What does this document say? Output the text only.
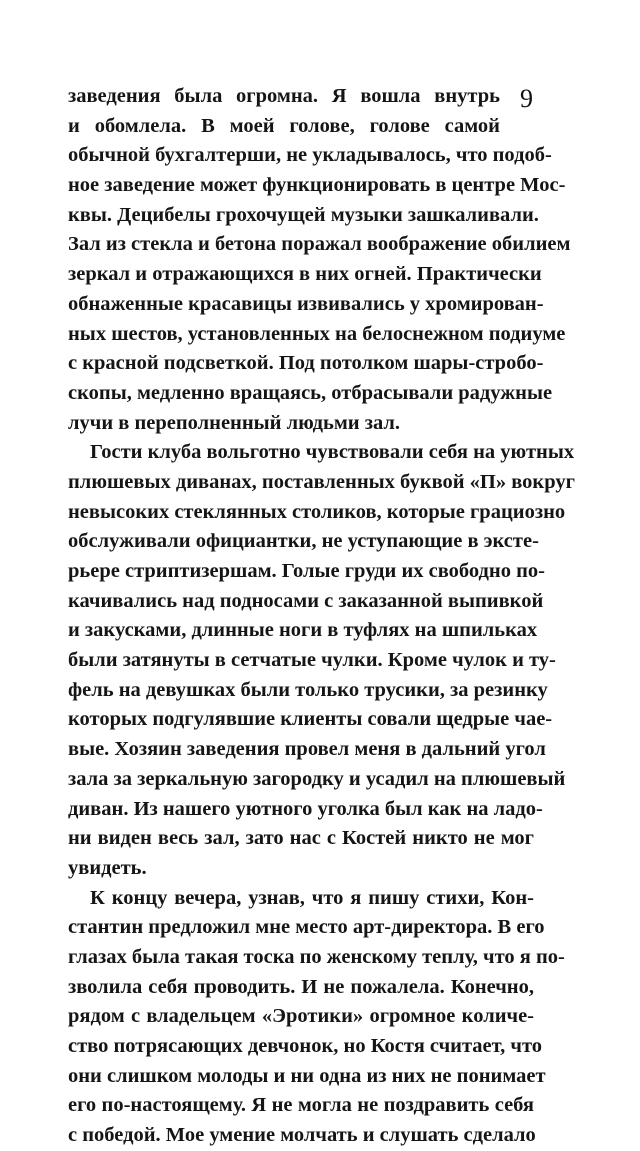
9
заведения была огромна. Я вошла внутрь
и обомлела. В моей голове, голове самой
обычной бухгалтерши, не укладывалось, что подоб-
ное заведение может функционировать в центре Мос-
квы. Децибелы грохочущей музыки зашкаливали.
Зал из стекла и бетона поражал воображение обилием
зеркал и отражающихся в них огней. Практически
обнаженные красавицы извивались у хромирован-
ных шестов, установленных на белоснежном подиуме
с красной подсветкой. Под потолком шары-стробо-
скопы, медленно вращаясь, отбрасывали радужные
лучи в переполненный людьми зал.
Гости клуба вольготно чувствовали себя на уютных
плюшевых диванах, поставленных буквой «П» вокруг
невысоких стеклянных столиков, которые грациозно
обслуживали официантки, не уступающие в эксте-
рьере стриптизершам. Голые груди их свободно по-
качивались над подносами с заказанной выпивкой
и закусками, длинные ноги в туфлях на шпильках
были затянуты в сетчатые чулки. Кроме чулок и ту-
фель на девушках были только трусики, за резинку
которых подгулявшие клиенты совали щедрые чае-
вые. Хозяин заведения провел меня в дальний угол
зала за зеркальную загородку и усадил на плюшевый
диван. Из нашего уютного уголка был как на ладо-
ни виден весь зал, зато нас с Костей никто не мог
увидеть.
К концу вечера, узнав, что я пишу стихи, Кон-
стантин предложил мне место арт-директора. В его
глазах была такая тоска по женскому теплу, что я по-
зволила себя проводить. И не пожалела. Конечно,
рядом с владельцем «Эротики» огромное количе-
ство потрясающих девчонок, но Костя считает, что
они слишком молоды и ни одна из них не понимает
его по-настоящему. Я не могла не поздравить себя
с победой. Мое умение молчать и слушать сделало
